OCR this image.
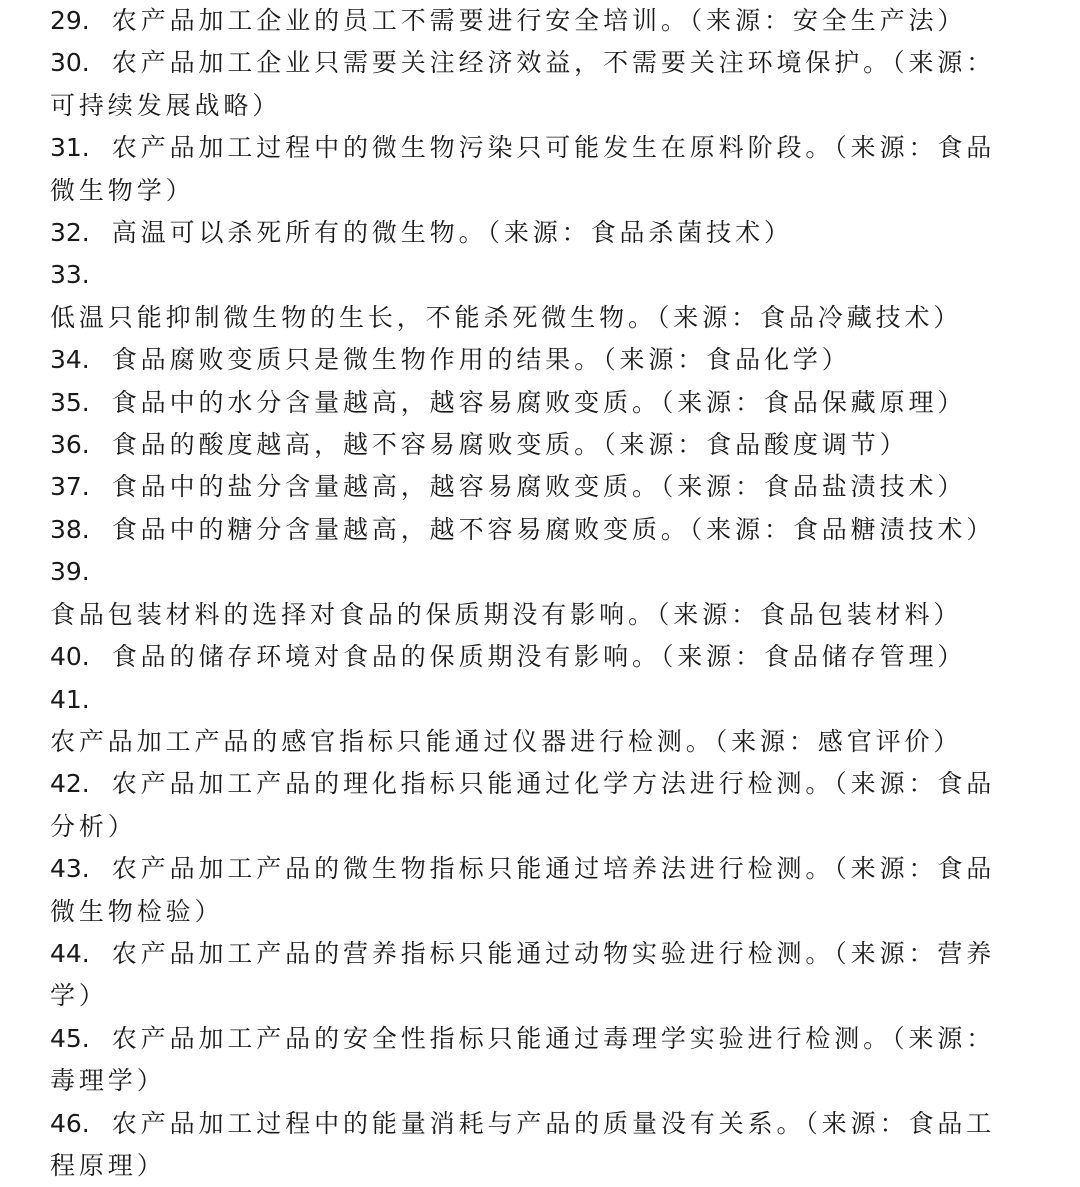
29. 农产品加工企业的员工不需要进行安全培训。（来源：安全生产法）

30. 农产品加工企业只需要关注经济效益，不需要关注环境保护。（来源：可持续发展战略）

31. 农产品加工过程中的微生物污染只可能发生在原料阶段。（来源：食品微生物学）

32. 高温可以杀死所有的微生物。（来源：食品杀菌技术）

33.低温只能抑制微生物的生长，不能杀死微生物。（来源：食品冷藏技术）

34. 食品腐败变质只是微生物作用的结果。（来源：食品化学）

35. 食品中的水分含量越高，越容易腐败变质。（来源：食品保藏原理）

36. 食品的酸度越高，越不容易腐败变质。（来源：食品酸度调节）

37. 食品中的盐分含量越高，越容易腐败变质。（来源：食品盐渍技术）

38. 食品中的糖分含量越高，越不容易腐败变质。（来源：食品糖渍技术）

39.食品包装材料的选择对食品的保质期没有影响。（来源：食品包装材料）

40. 食品的储存环境对食品的保质期没有影响。（来源：食品储存管理）

41.农产品加工产品的感官指标只能通过仪器进行检测。（来源：感官评价）

42. 农产品加工产品的理化指标只能通过化学方法进行检测。（来源：食品分析）

43. 农产品加工产品的微生物指标只能通过培养法进行检测。（来源：食品微生物检验）

44. 农产品加工产品的营养指标只能通过动物实验进行检测。（来源：营养学）

45. 农产品加工产品的安全性指标只能通过毒理学实验进行检测。（来源：毒理学）

46. 农产品加工过程中的能量消耗与产品的质量没有关系。（来源：食品工程原理）
